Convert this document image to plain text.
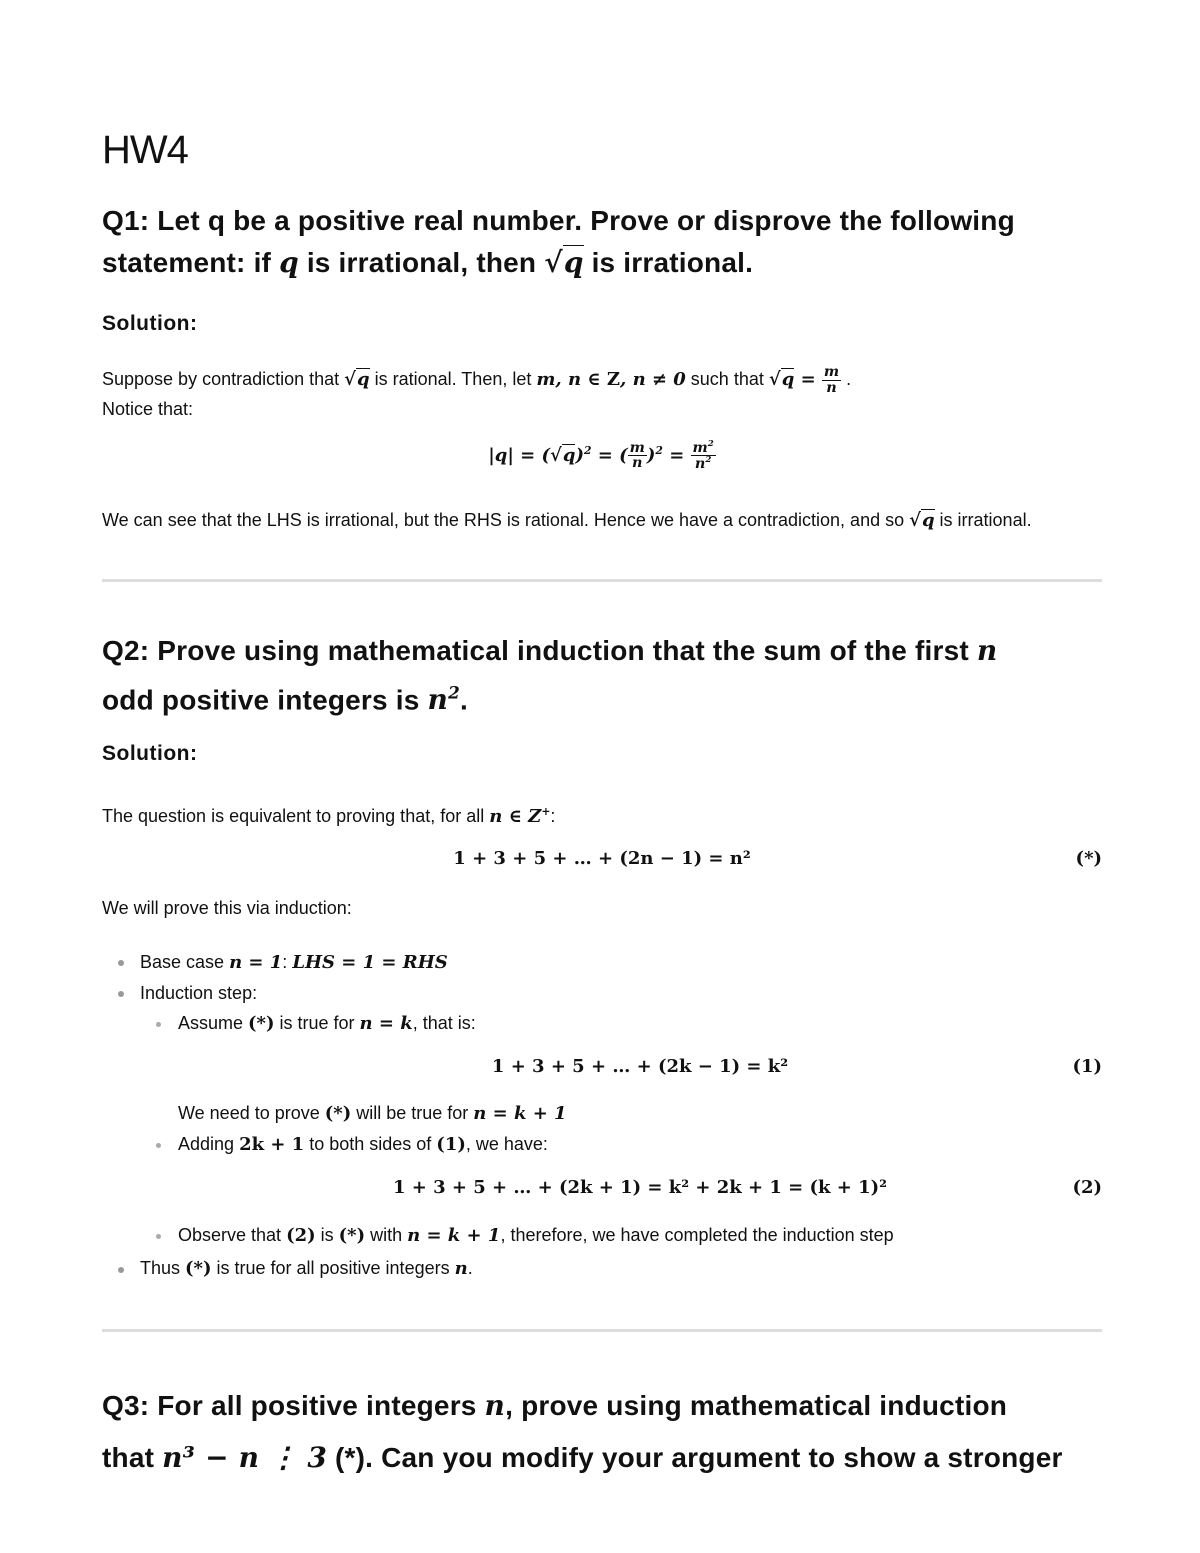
HW4
Q1: Let q be a positive real number. Prove or disprove the following
statement: if q is irrational, then √q is irrational.
Solution:
Suppose by contradiction that √q is rational. Then, let m, n ∈ Z, n ≠ 0 such that $√q = \frac{m}{n}$ .
Notice that:
$|q| = (√q)^2$ = ( $\frac{m}{n} )^2 = \frac{m^2}{n^2}$
We can see that the LHS is irrational, but the RHS is rational. Hence we have a contradiction, and so √q is irrational.
Q2: Prove using mathematical induction that the sum of the first n
odd positive integers is $n^2$.
Solution:
The question is equivalent to proving that, for all n ∈ Z+:
1 + 3 + 5 + … + (2n − 1) = n²	(*)
We will prove this via induction:
Base case n = 1: LHS = 1 = RHS
Induction step:
Assume (*) is true for n = k, that is:
1 + 3 + 5 + … + (2k − 1) = k²	(1)
We need to prove (*) will be true for n = k + 1
Adding 2k + 1 to both sides of (1), we have:
1 + 3 + 5 + … + (2k + 1) = k² + 2k + 1 = (k + 1)²	(2)
Observe that (2) is (*) with n = k + 1, therefore, we have completed the induction step
Thus (*) is true for all positive integers n.
Q3: For all positive integers n, prove using mathematical induction
that n³ − n ⋮ 3 (*). Can you modify your argument to show a stronger
